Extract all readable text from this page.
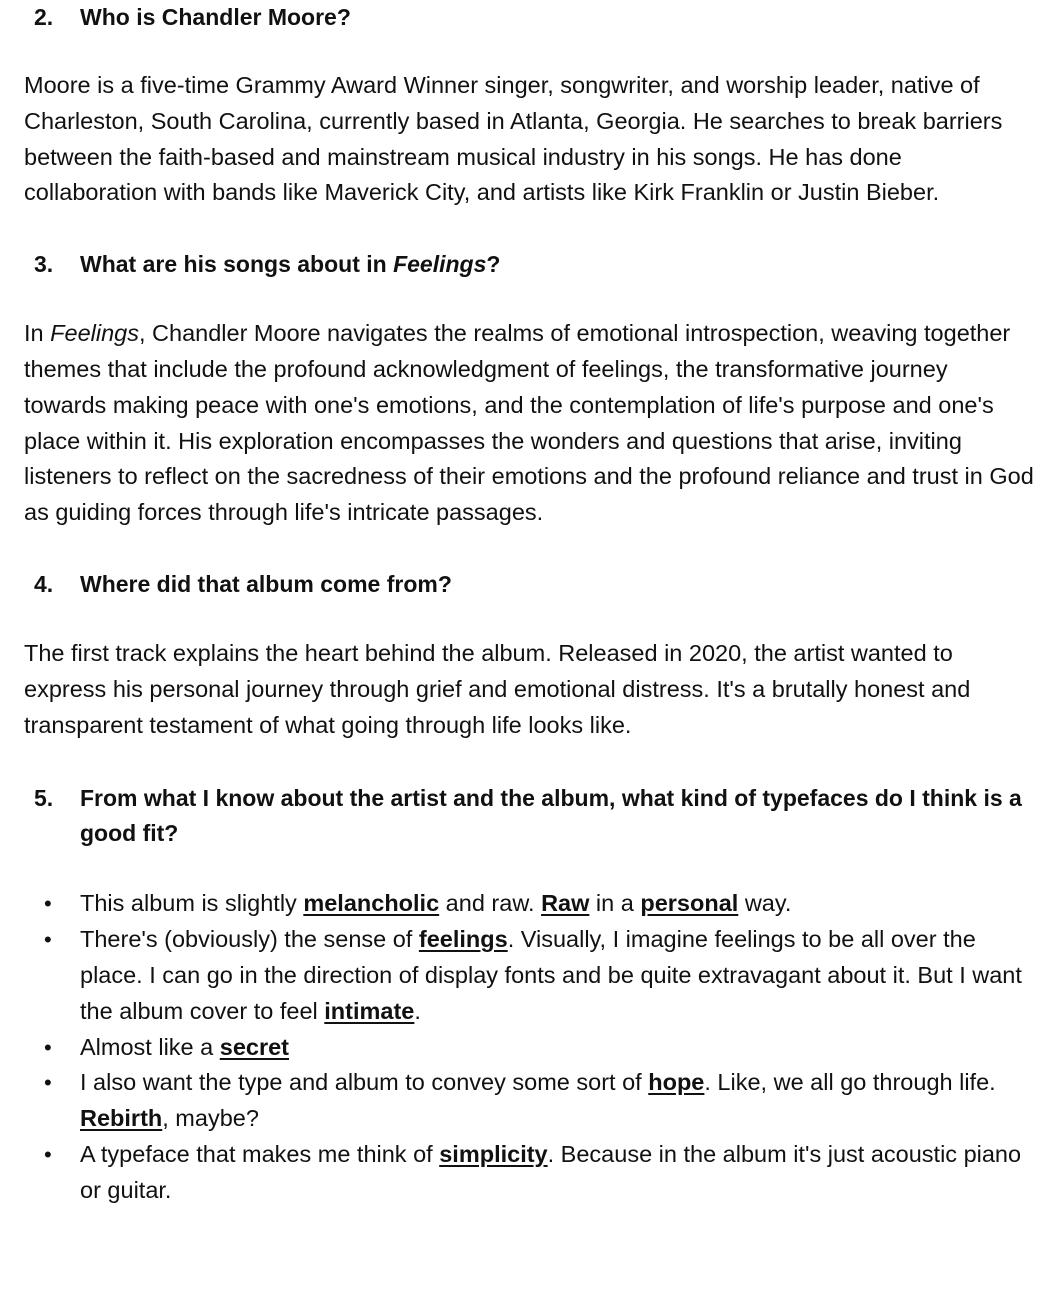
2.	Who is Chandler Moore?

Moore is a five-time Grammy Award Winner singer, songwriter, and worship leader, native of Charleston, South Carolina, currently based in Atlanta, Georgia. He searches to break barriers between the faith-based and mainstream musical industry in his songs. He has done collaboration with bands like Maverick City, and artists like Kirk Franklin or Justin Bieber.

3.	What are his songs about in Feelings?

In Feelings, Chandler Moore navigates the realms of emotional introspection, weaving together themes that include the profound acknowledgment of feelings, the transformative journey towards making peace with one's emotions, and the contemplation of life's purpose and one's place within it. His exploration encompasses the wonders and questions that arise, inviting listeners to reflect on the sacredness of their emotions and the profound reliance and trust in God as guiding forces through life's intricate passages.

4.	Where did that album come from?

The first track explains the heart behind the album. Released in 2020, the artist wanted to express his personal journey through grief and emotional distress. It's a brutally honest and transparent testament of what going through life looks like.

5.	From what I know about the artist and the album, what kind of typefaces do I think is a good fit?
•	This album is slightly melancholic and raw. Raw in a personal way.
•	There's (obviously) the sense of feelings. Visually, I imagine feelings to be all over the place. I can go in the direction of display fonts and be quite extravagant about it. But I want the album cover to feel intimate.
•	Almost like a secret
•	I also want the type and album to convey some sort of hope. Like, we all go through life. Rebirth, maybe?
•	A typeface that makes me think of simplicity. Because in the album it's just acoustic piano or guitar.
